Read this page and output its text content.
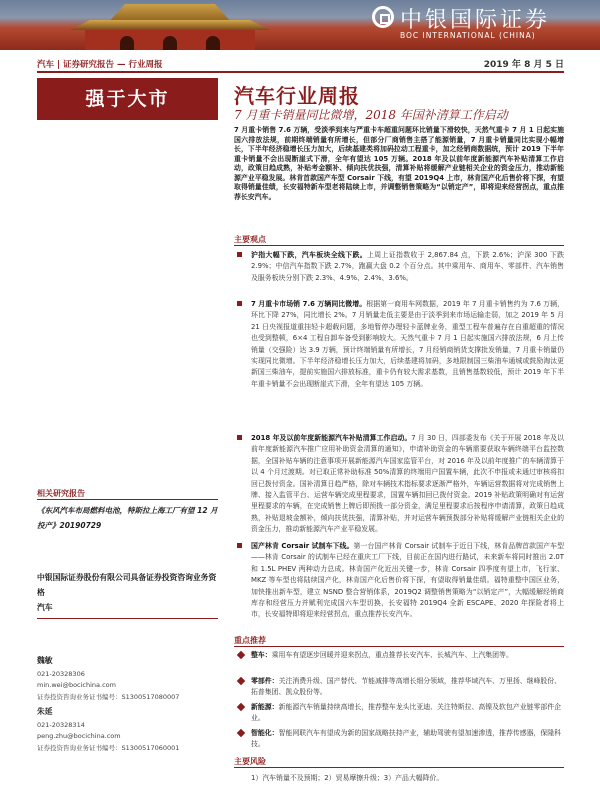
中银国际证券
BOC INTERNATIONAL (CHINA)
汽车 | 证券研究报告 — 行业周报	2019 年 8 月 5 日
强于大市	汽车行业周报
7 月重卡销量同比微增，2018 年国补清算工作启动
7 月重卡销售 7.6 万辆，受淡季到来与严重卡车超重问题环比销量下滑较快，天然气重卡 7 月 1 日起实施国六排放法规，前期终端销量有所增长，但部分厂商销售主搭了能源销量，7 月重卡销量同比实现小幅增长，下半年经济稳增长压力加大，后续基建类将加码拉动工程重卡，加之经销商数据统，预计 2019 下半年重卡销量不会出现断崖式下滑，全年有望达 105 万辆。2018 年及以前年度新能源汽车补贴清算工作启动，政策目趋成熟，补贴考金额补、倾向扶优扶强，清算补贴将缓解产业链相关企业的资金压力，推动新能源产业平稳发展。林肯首款国产车型 Corsair 下线，有望 2019Q4 上市，林肯国产化后售价将下探，有望取得销量佳绩，长安福特新车型老将陆续上市，并调整销售策略为“以销定产”，即将迎来经营拐点，重点推荐长安汽车。
主要观点
沪指大幅下跌，汽车板块全线下跌。上周上证指数收于 2,867.84 点，下跌 2.6%；沪深 300 下跌 2.9%；中信汽车指数下跌 2.7%，跑赢大盘 0.2 个百分点。其中乘用车、商用车、零部件、汽车销售及服务板块分别下跌 2.3%、4.9%、2.4%、3.6%。
7 月重卡市场销 7.6 万辆同比微增。根据第一商用车网数据，2019 年 7 月重卡销售约为 7.6 万辆，环比下降 27%，同比增长 2%。7 月销量走低主要是由于淡季到来市场运输走弱，加之 2019 年 5 月 21 日央视报道重挂轻卡超载问题，多地暂停办理轻卡蓝牌业务，重型工程车普遍存在自重超重的情况也受到整顿，6×4 工程自卸车备受到影响较大。天然气重卡 7 月 1 日起实施国六排放法规，6 月上传销量（交强险）达 3.9 万辆，预计终端销量有所增长，7 月经销商销货支撑批发销量，7 月重卡销量仍实现同比微增。下半年经济稳增长压力加大，后续基建将加码，多地限制国三柴油车通城或鼓励淘汰更新国三柴油车，提前实施国六排放标准，重卡仍有较大需求基数，且销售基数较低，预计 2019 年下半年重卡销量不会出现断崖式下滑，全年有望达 105 万辆。
2018 年及以前年度新能源汽车补贴清算工作启动。7 月 30 日，四部委发布《关于开展 2018 年及以前年度新能源汽车推广应用补助资金清算的通知》，申请补助资金的车辆需要获取车辆终端平台监控数据，全国补贴车辆的注意事项开展新能源汽车国家监管平台，对 2016 年及以前年度推广的车辆清算于以 4 个月过渡期。对已取正常补助标准 50%清算的终端用户国置车辆，此次不申报或未通过审核将扣回已拨付资金。国补清算日趋严格，除对车辆技术指标要求逐渐严格外，车辆运营数据将对完成销售上牌、接入监管平台、运营车辆完成里程要求，国置车辆扣回已拨付资金。2019 补贴政策明确对有运营里程要求的车辆，在完成销售上牌后即预拨一部分资金，满足里程要求后按程序申请清算，政策日趋成熟，补贴退坡金额补，倾向扶优扶强，清算补贴，并对运营车辆预拨部分补贴将缓解产业链相关企业的资金压力，推动新能源汽车产业平稳发展。
国产林肯 Corsair 试制车下线。第一台国产林肯 Corsair 试制车于近日下线，林肯品牌首款国产车型——林肯 Corsair 的试制车已经在重庆工厂下线，目前正在国内进行路试，未来新车将同时推出 2.0T 和 1.5L PHEV 两种动力总成。林肯国产化近出关键一步，林肯 Corsair 四季度有望上市，飞行家、MKZ 等车型也将陆续国产化，林肯国产化后售价将下探，有望取得销量佳绩。福特重整中国区业务，加快推出新车型，建立 NSND 整合营销体系，2019Q2 调整销售策略为“以销定产”，大幅缓解经销商库存和经营压力并赋利完成国六车型切换，长安福特 2019Q4 全新 ESCAPE、2020 年探险者将上市，长安福特即将迎来经营拐点，重点推荐长安汽车。
重点推荐
整车：乘用车有望逐步回暖并迎来拐点，重点推荐长安汽车、长城汽车、上汽集团等。
零部件：关注消费升级、国产替代、节能减排等高增长细分领域，推荐华域汽车、万里扬、继峰股份、拓普集团、凯众股份等。
新能源：新能源汽车销量持续高增长，推荐整车龙头比亚迪、关注特斯拉、高镍及软包产业链零部件企业。
智能化：智能网联汽车有望成为新的国家战略扶持产业，辅助驾驶有望加速渗透，推荐传感器，保隆科技。
主要风险
1）汽车销量不及预期；2）贸易摩擦升级；3）产品大幅降价。
相关研究报告
《东风汽车布局燃料电池，特斯拉上海工厂有望 12 月投产》20190729
中银国际证券股份有限公司具备证券投资咨询业务资格
汽车
魏敏
021-20328306
min.wei@bocichina.com
证券投资咨询业务证书编号：S1300517080007
朱延
021-20328314
peng.zhu@bocichina.com
证券投资咨询业务证书编号：S1300517060001
